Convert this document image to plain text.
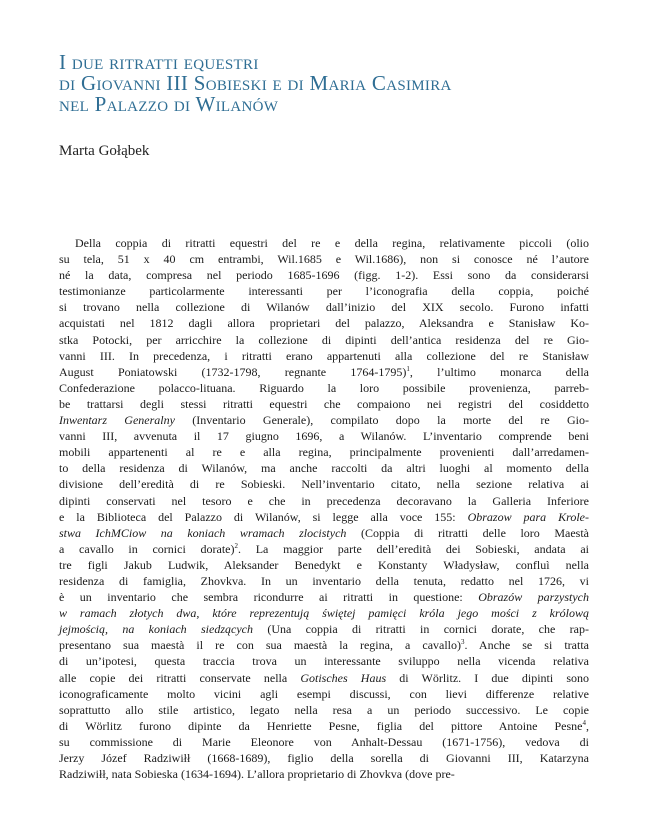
I due ritratti equestri
di Giovanni III Sobieski e di Maria Casimira
nel Palazzo di Wilanów

Marta Gołąbek

Della coppia di ritratti equestri del re e della regina, relativamente piccoli (olio
su tela, 51 x 40 cm entrambi, Wil.1685 e Wil.1686), non si conosce né l’autore
né la data, compresa nel periodo 1685-1696 (figg. 1-2). Essi sono da considerarsi
testimonianze particolarmente interessanti per l’iconografia della coppia, poiché
si trovano nella collezione di Wilanów dall’inizio del XIX secolo. Furono infatti
acquistati nel 1812 dagli allora proprietari del palazzo, Aleksandra e Stanisław Ko-
stka Potocki, per arricchire la collezione di dipinti dell’antica residenza del re Gio-
vanni III. In precedenza, i ritratti erano appartenuti alla collezione del re Stanisław
August Poniatowski (1732-1798, regnante 1764-1795)$^1$, l’ultimo monarca della
Confederazione polacco-lituana. Riguardo la loro possibile provenienza, parreb-
be trattarsi degli stessi ritratti equestri che compaiono nei registri del cosiddetto
Inwentarz Generalny (Inventario Generale), compilato dopo la morte del re Gio-
vanni III, avvenuta il 17 giugno 1696, a Wilanów. L’inventario comprende beni
mobili appartenenti al re e alla regina, principalmente provenienti dall’arredamen-
to della residenza di Wilanów, ma anche raccolti da altri luoghi al momento della
divisione dell’eredità di re Sobieski. Nell’inventario citato, nella sezione relativa ai
dipinti conservati nel tesoro e che in precedenza decoravano la Galleria Inferiore
e la Biblioteca del Palazzo di Wilanów, si legge alla voce 155: Obrazow para Krole-
stwa IchMCiow na koniach wramach zlocistych (Coppia di ritratti delle loro Maestà
a cavallo in cornici dorate)$^2$. La maggior parte dell’eredità dei Sobieski, andata ai
tre figli Jakub Ludwik, Aleksander Benedykt e Konstanty Władysław, confluì nella
residenza di famiglia, Zhovkva. In un inventario della tenuta, redatto nel 1726, vi
è un inventario che sembra ricondurre ai ritratti in questione: Obrazów parzystych
w ramach złotych dwa, które reprezentują świętej pamięci króla jego mości z królową
jejmością, na koniach siedzących (Una coppia di ritratti in cornici dorate, che rap-
presentano sua maestà il re con sua maestà la regina, a cavallo)$^3$. Anche se si tratta
di un’ipotesi, questa traccia trova un interessante sviluppo nella vicenda relativa
alle copie dei ritratti conservate nella Gotisches Haus di Wörlitz. I due dipinti sono
iconograficamente molto vicini agli esempi discussi, con lievi differenze relative
soprattutto allo stile artistico, legato nella resa a un periodo successivo. Le copie
di Wörlitz furono dipinte da Henriette Pesne, figlia del pittore Antoine Pesne$^4$,
su commissione di Marie Eleonore von Anhalt-Dessau (1671-1756), vedova di
Jerzy Józef Radziwiłł (1668-1689), figlio della sorella di Giovanni III, Katarzyna
Radziwiłł, nata Sobieska (1634-1694). L’allora proprietario di Zhovkva (dove pre-
